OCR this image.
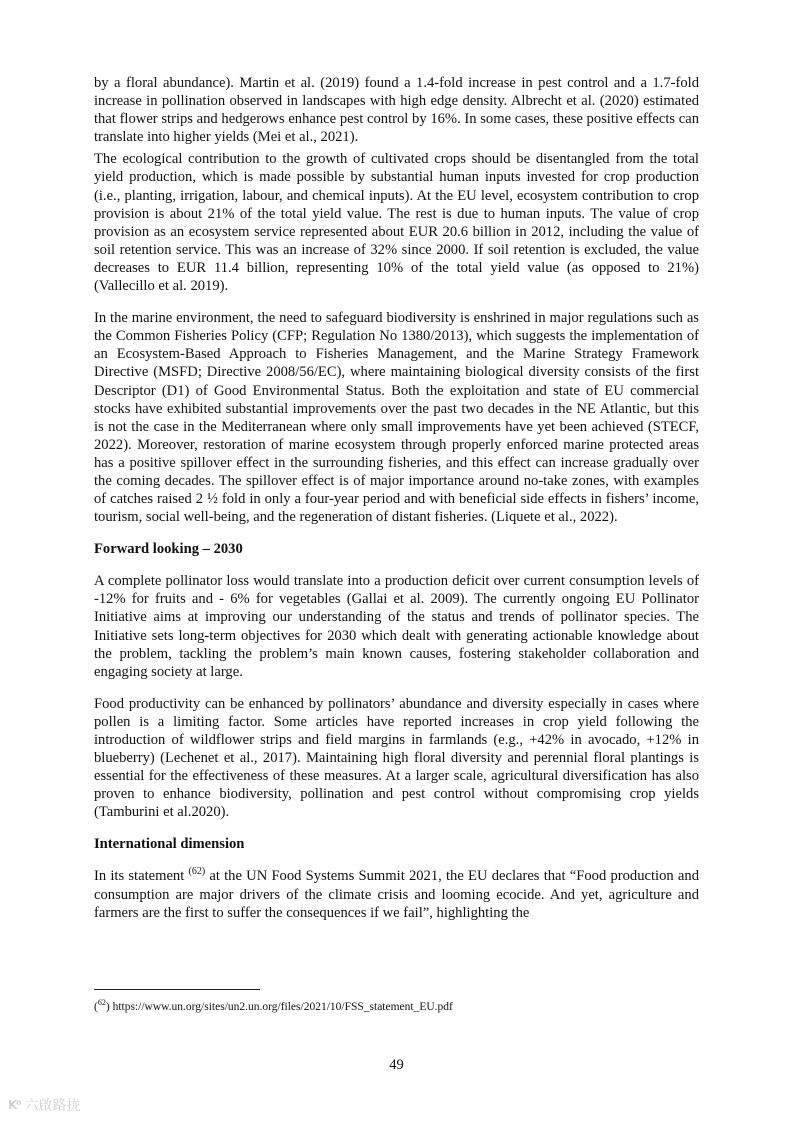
by a floral abundance). Martin et al. (2019) found a 1.4-fold increase in pest control and a 1.7-fold increase in pollination observed in landscapes with high edge density. Albrecht et al. (2020) estimated that flower strips and hedgerows enhance pest control by 16%. In some cases, these positive effects can translate into higher yields (Mei et al., 2021).

The ecological contribution to the growth of cultivated crops should be disentangled from the total yield production, which is made possible by substantial human inputs invested for crop production (i.e., planting, irrigation, labour, and chemical inputs). At the EU level, ecosystem contribution to crop provision is about 21% of the total yield value. The rest is due to human inputs. The value of crop provision as an ecosystem service represented about EUR 20.6 billion in 2012, including the value of soil retention service. This was an increase of 32% since 2000. If soil retention is excluded, the value decreases to EUR 11.4 billion, representing 10% of the total yield value (as opposed to 21%) (Vallecillo et al. 2019).

In the marine environment, the need to safeguard biodiversity is enshrined in major regulations such as the Common Fisheries Policy (CFP; Regulation No 1380/2013), which suggests the implementation of an Ecosystem-Based Approach to Fisheries Management, and the Marine Strategy Framework Directive (MSFD; Directive 2008/56/EC), where maintaining biological diversity consists of the first Descriptor (D1) of Good Environmental Status. Both the exploitation and state of EU commercial stocks have exhibited substantial improvements over the past two decades in the NE Atlantic, but this is not the case in the Mediterranean where only small improvements have yet been achieved (STECF, 2022). Moreover, restoration of marine ecosystem through properly enforced marine protected areas has a positive spillover effect in the surrounding fisheries, and this effect can increase gradually over the coming decades. The spillover effect is of major importance around no-take zones, with examples of catches raised 2 ½ fold in only a four-year period and with beneficial side effects in fishers’ income, tourism, social well-being, and the regeneration of distant fisheries. (Liquete et al., 2022).

Forward looking – 2030

A complete pollinator loss would translate into a production deficit over current consumption levels of -12% for fruits and - 6% for vegetables (Gallai et al. 2009). The currently ongoing EU Pollinator Initiative aims at improving our understanding of the status and trends of pollinator species. The Initiative sets long-term objectives for 2030 which dealt with generating actionable knowledge about the problem, tackling the problem’s main known causes, fostering stakeholder collaboration and engaging society at large.

Food productivity can be enhanced by pollinators’ abundance and diversity especially in cases where pollen is a limiting factor. Some articles have reported increases in crop yield following the introduction of wildflower strips and field margins in farmlands (e.g., +42% in avocado, +12% in blueberry) (Lechenet et al., 2017). Maintaining high floral diversity and perennial floral plantings is essential for the effectiveness of these measures. At a larger scale, agricultural diversification has also proven to enhance biodiversity, pollination and pest control without compromising crop yields (Tamburini et al.2020).

International dimension

In its statement $^{(62)}$ at the UN Food Systems Summit 2021, the EU declares that “Food production and consumption are major drivers of the climate crisis and looming ecocide. And yet, agriculture and farmers are the first to suffer the consequences if we fail”, highlighting the

($^{62}$) https://www.un.org/sites/un2.un.org/files/2021/10/FSS_statement_EU.pdf
49
K⁰ 六啟路拢
